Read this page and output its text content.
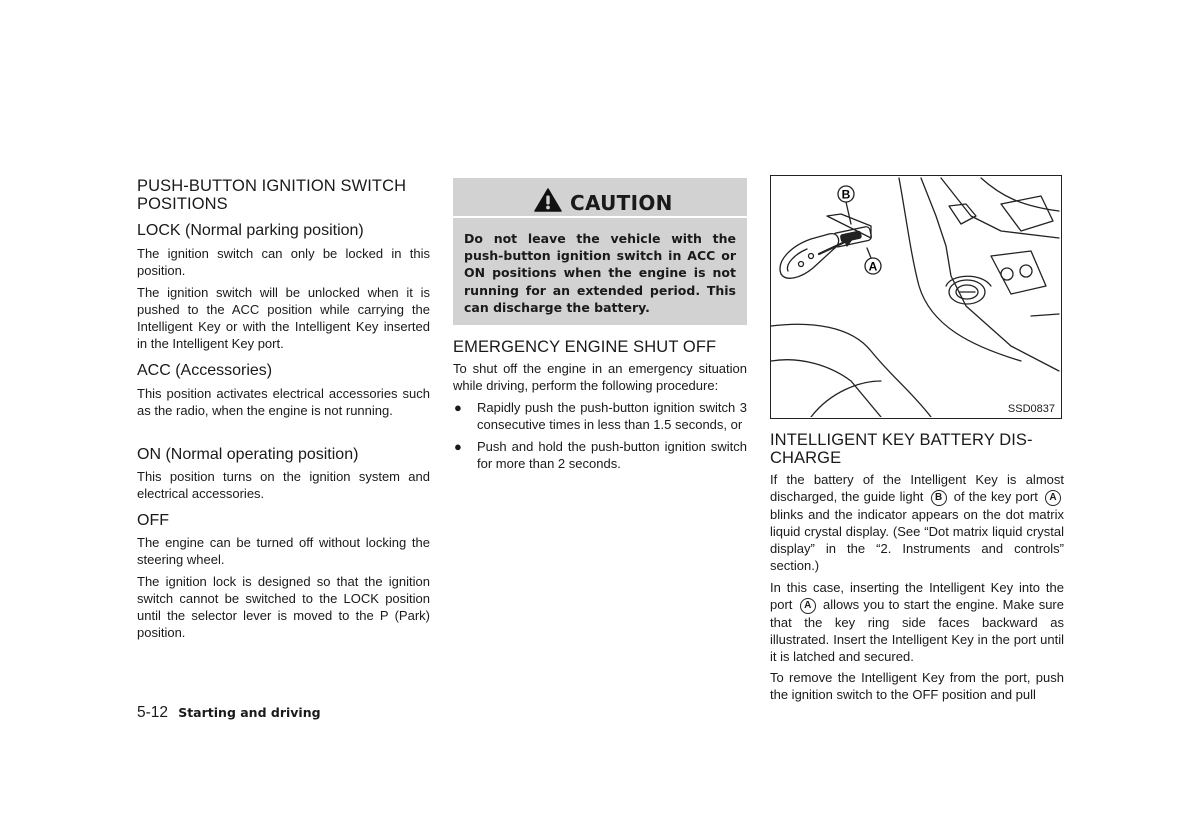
PUSH-BUTTON IGNITION SWITCH POSITIONS
LOCK (Normal parking position)
The ignition switch can only be locked in this position.
The ignition switch will be unlocked when it is pushed to the ACC position while carrying the Intelligent Key or with the Intelligent Key inserted in the Intelligent Key port.
ACC (Accessories)
This position activates electrical accessories such as the radio, when the engine is not running.
ON (Normal operating position)
This position turns on the ignition system and electrical accessories.
OFF
The engine can be turned off without locking the steering wheel.
The ignition lock is designed so that the ignition switch cannot be switched to the LOCK position until the selector lever is moved to the P (Park) position.
CAUTION
Do not leave the vehicle with the push-button ignition switch in ACC or ON positions when the engine is not running for an extended period. This can discharge the battery.
EMERGENCY ENGINE SHUT OFF
To shut off the engine in an emergency situation while driving, perform the following procedure:
● Rapidly push the push-button ignition switch 3 consecutive times in less than 1.5 seconds, or
● Push and hold the push-button ignition switch for more than 2 seconds.
B
A
SSD0837
INTELLIGENT KEY BATTERY DIS-
CHARGE
If the battery of the Intelligent Key is almost discharged, the guide light B of the key port A blinks and the indicator appears on the dot matrix liquid crystal display. (See “Dot matrix liquid crystal display” in the “2. Instruments and controls” section.)
In this case, inserting the Intelligent Key into the port A allows you to start the engine. Make sure that the key ring side faces backward as illustrated. Insert the Intelligent Key in the port until it is latched and secured.
To remove the Intelligent Key from the port, push the ignition switch to the OFF position and pull
5-12 Starting and driving
